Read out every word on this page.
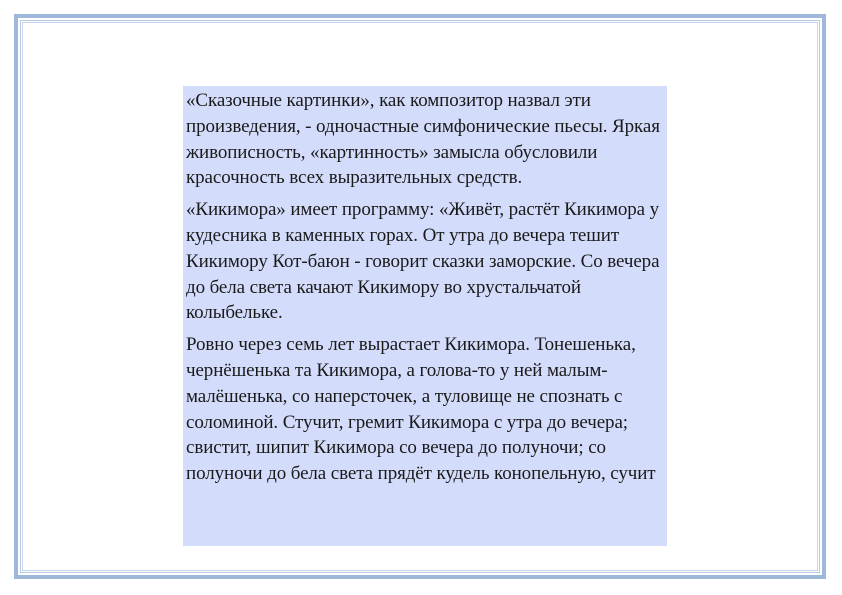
«Сказочные картинки», как композитор назвал эти произведения, - одночастные симфонические пьесы. Яркая живописность, «картинность» замысла обусловили красочность всех выразительных средств.

«Кикимора» имеет программу: «Живёт, растёт Кикимора у кудесника в каменных горах. От утра до вечера тешит Кикимору Кот-баюн - говорит сказки заморские. Со вечера до бела света качают Кикимору во хрустальчатой колыбельке.

Ровно через семь лет вырастает Кикимора. Тонешенька, чернёшенька та Кикимора, а голова-то у ней малым-малёшенька, со наперсточек, а туловище не спознать с соломиной. Стучит, гремит Кикимора с утра до вечера; свистит, шипит Кикимора со вечера до полуночи; со полуночи до бела света прядёт кудель конопельную, сучит
